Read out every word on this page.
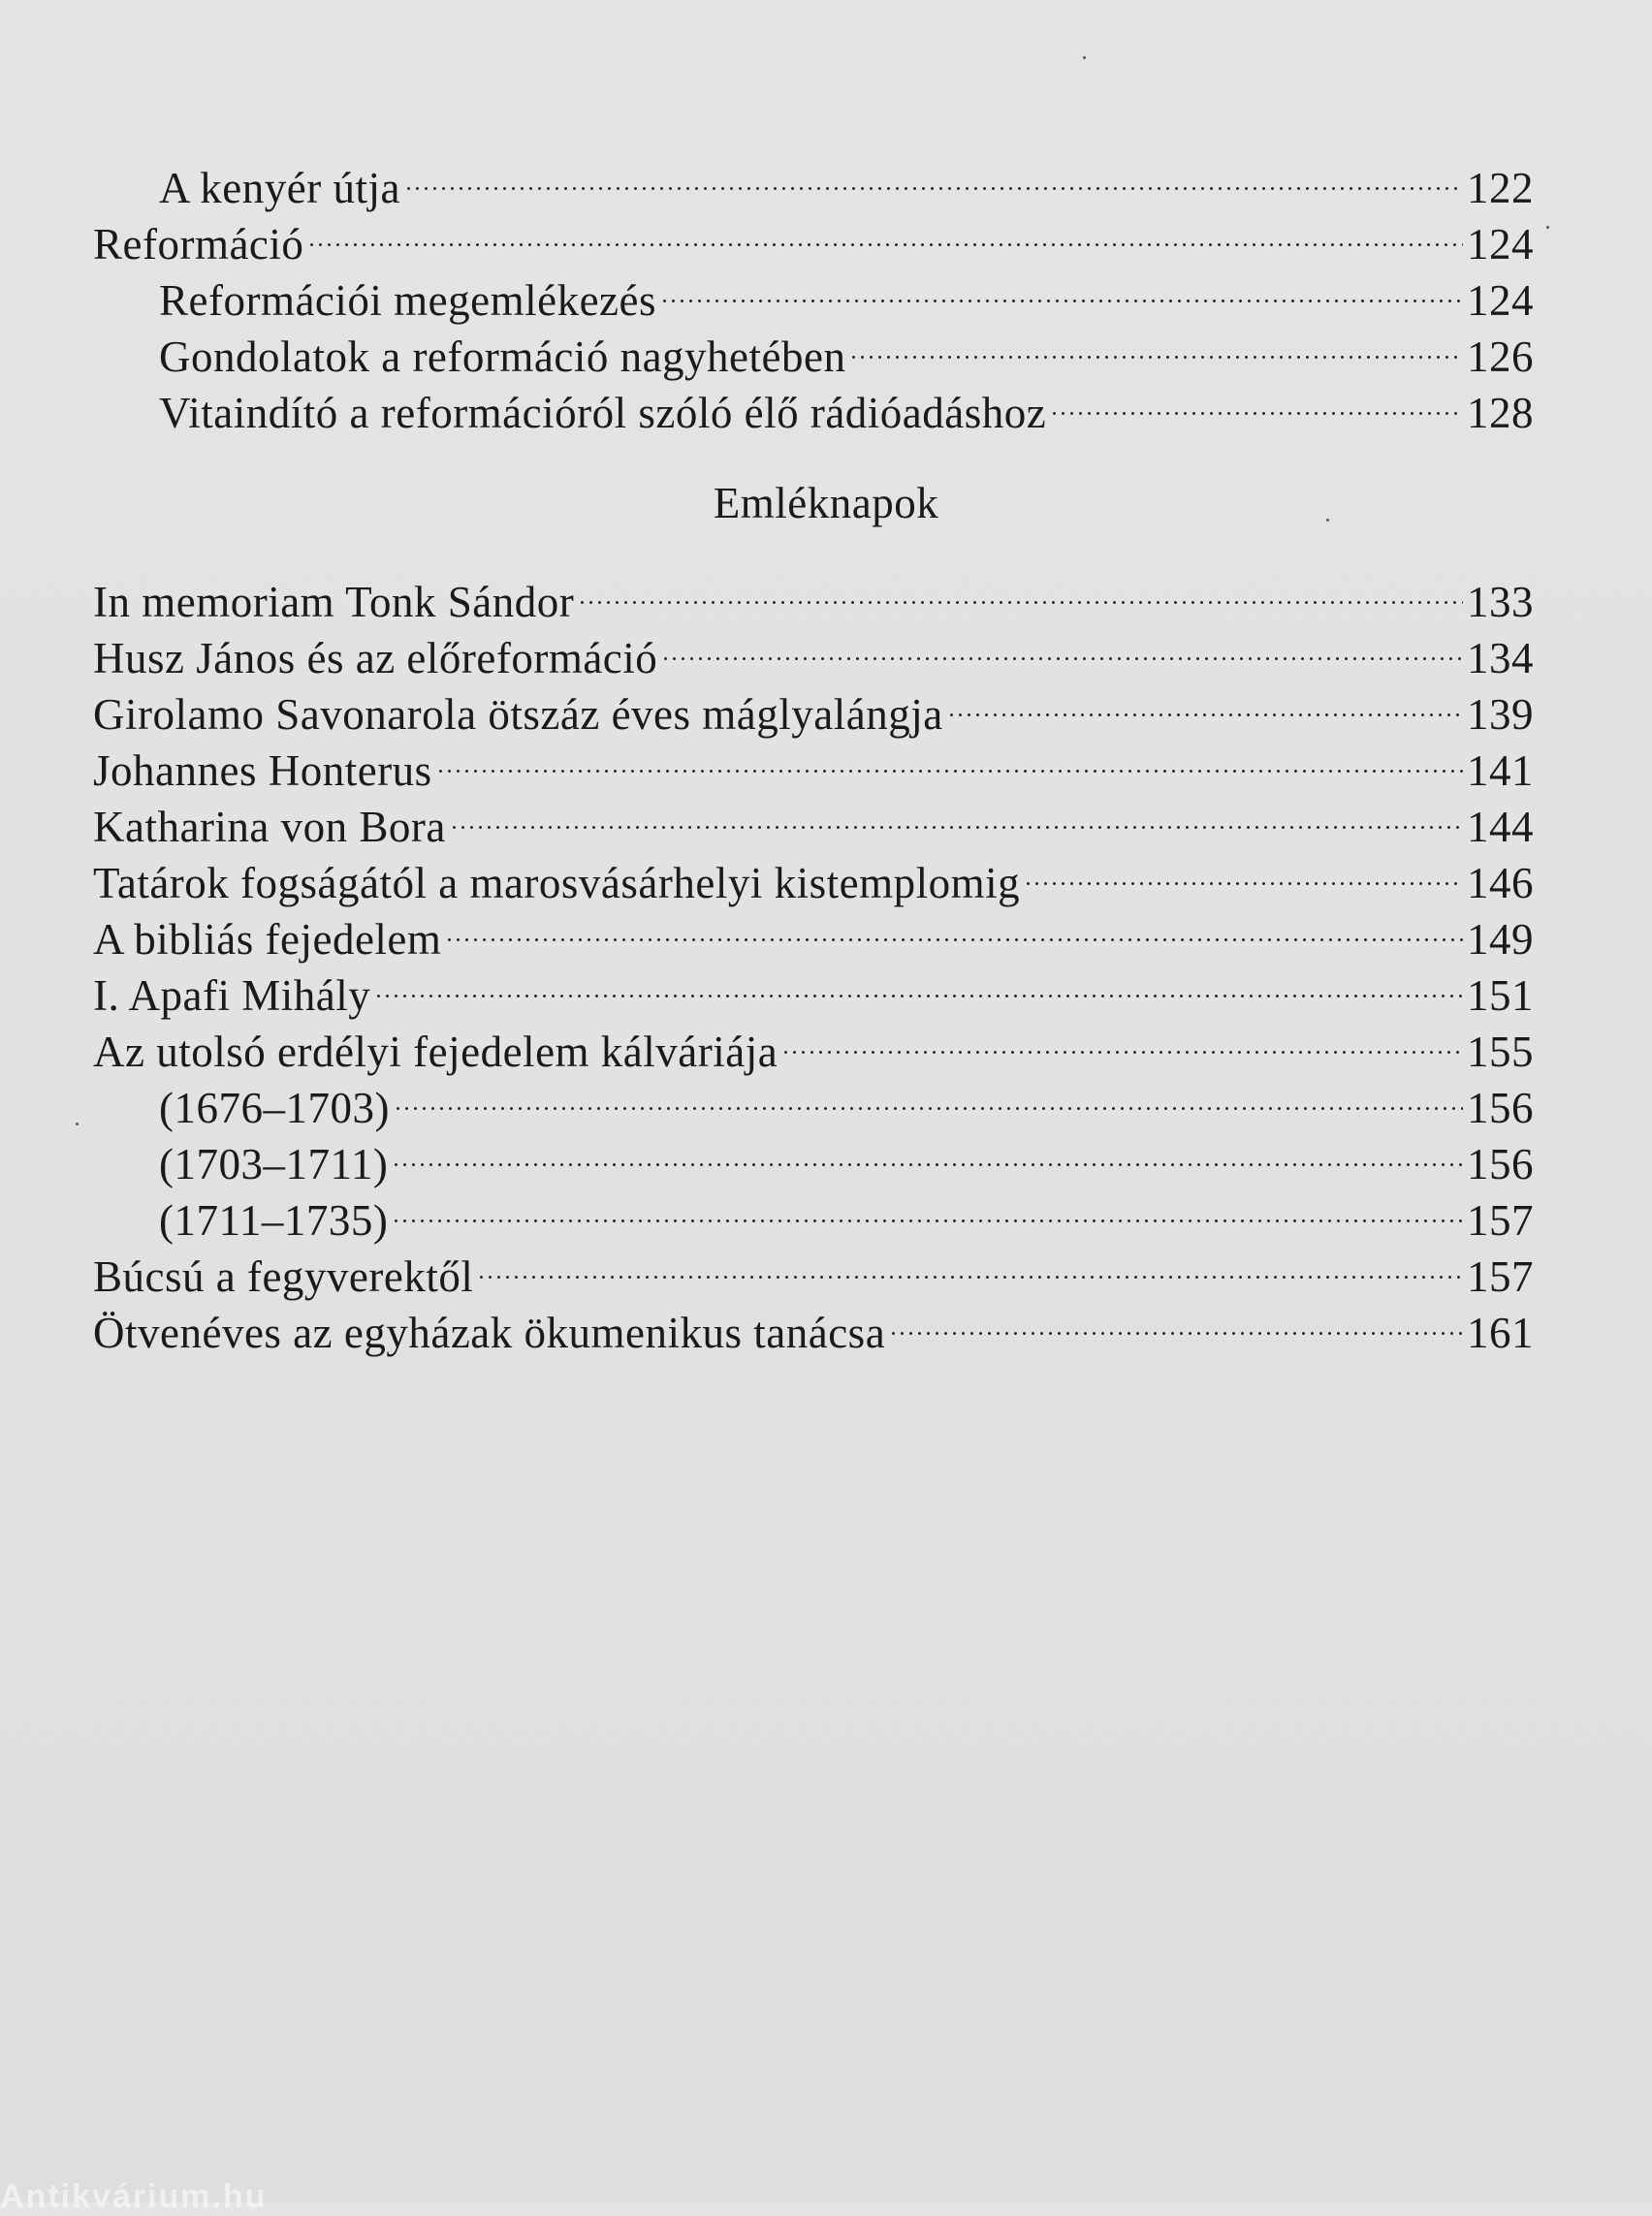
A kenyér útja	122
Reformáció	124
Reformációi megemlékezés	124
Gondolatok a reformáció nagyhetében	126
Vitaindító a reformációról szóló élő rádióadáshoz	128
Emléknapok
In memoriam Tonk Sándor	133
Husz János és az előreformáció	134
Girolamo Savonarola ötszáz éves máglyalángja	139
Johannes Honterus	141
Katharina von Bora	144
Tatárok fogságától a marosvásárhelyi kistemplomig	146
A bibliás fejedelem	149
I. Apafi Mihály	151
Az utolsó erdélyi fejedelem kálváriája	155
(1676–1703)	156
(1703–1711)	156
(1711–1735)	157
Búcsú a fegyverektől	157
Ötvenéves az egyházak ökumenikus tanácsa	161
Antikvárium.hu
